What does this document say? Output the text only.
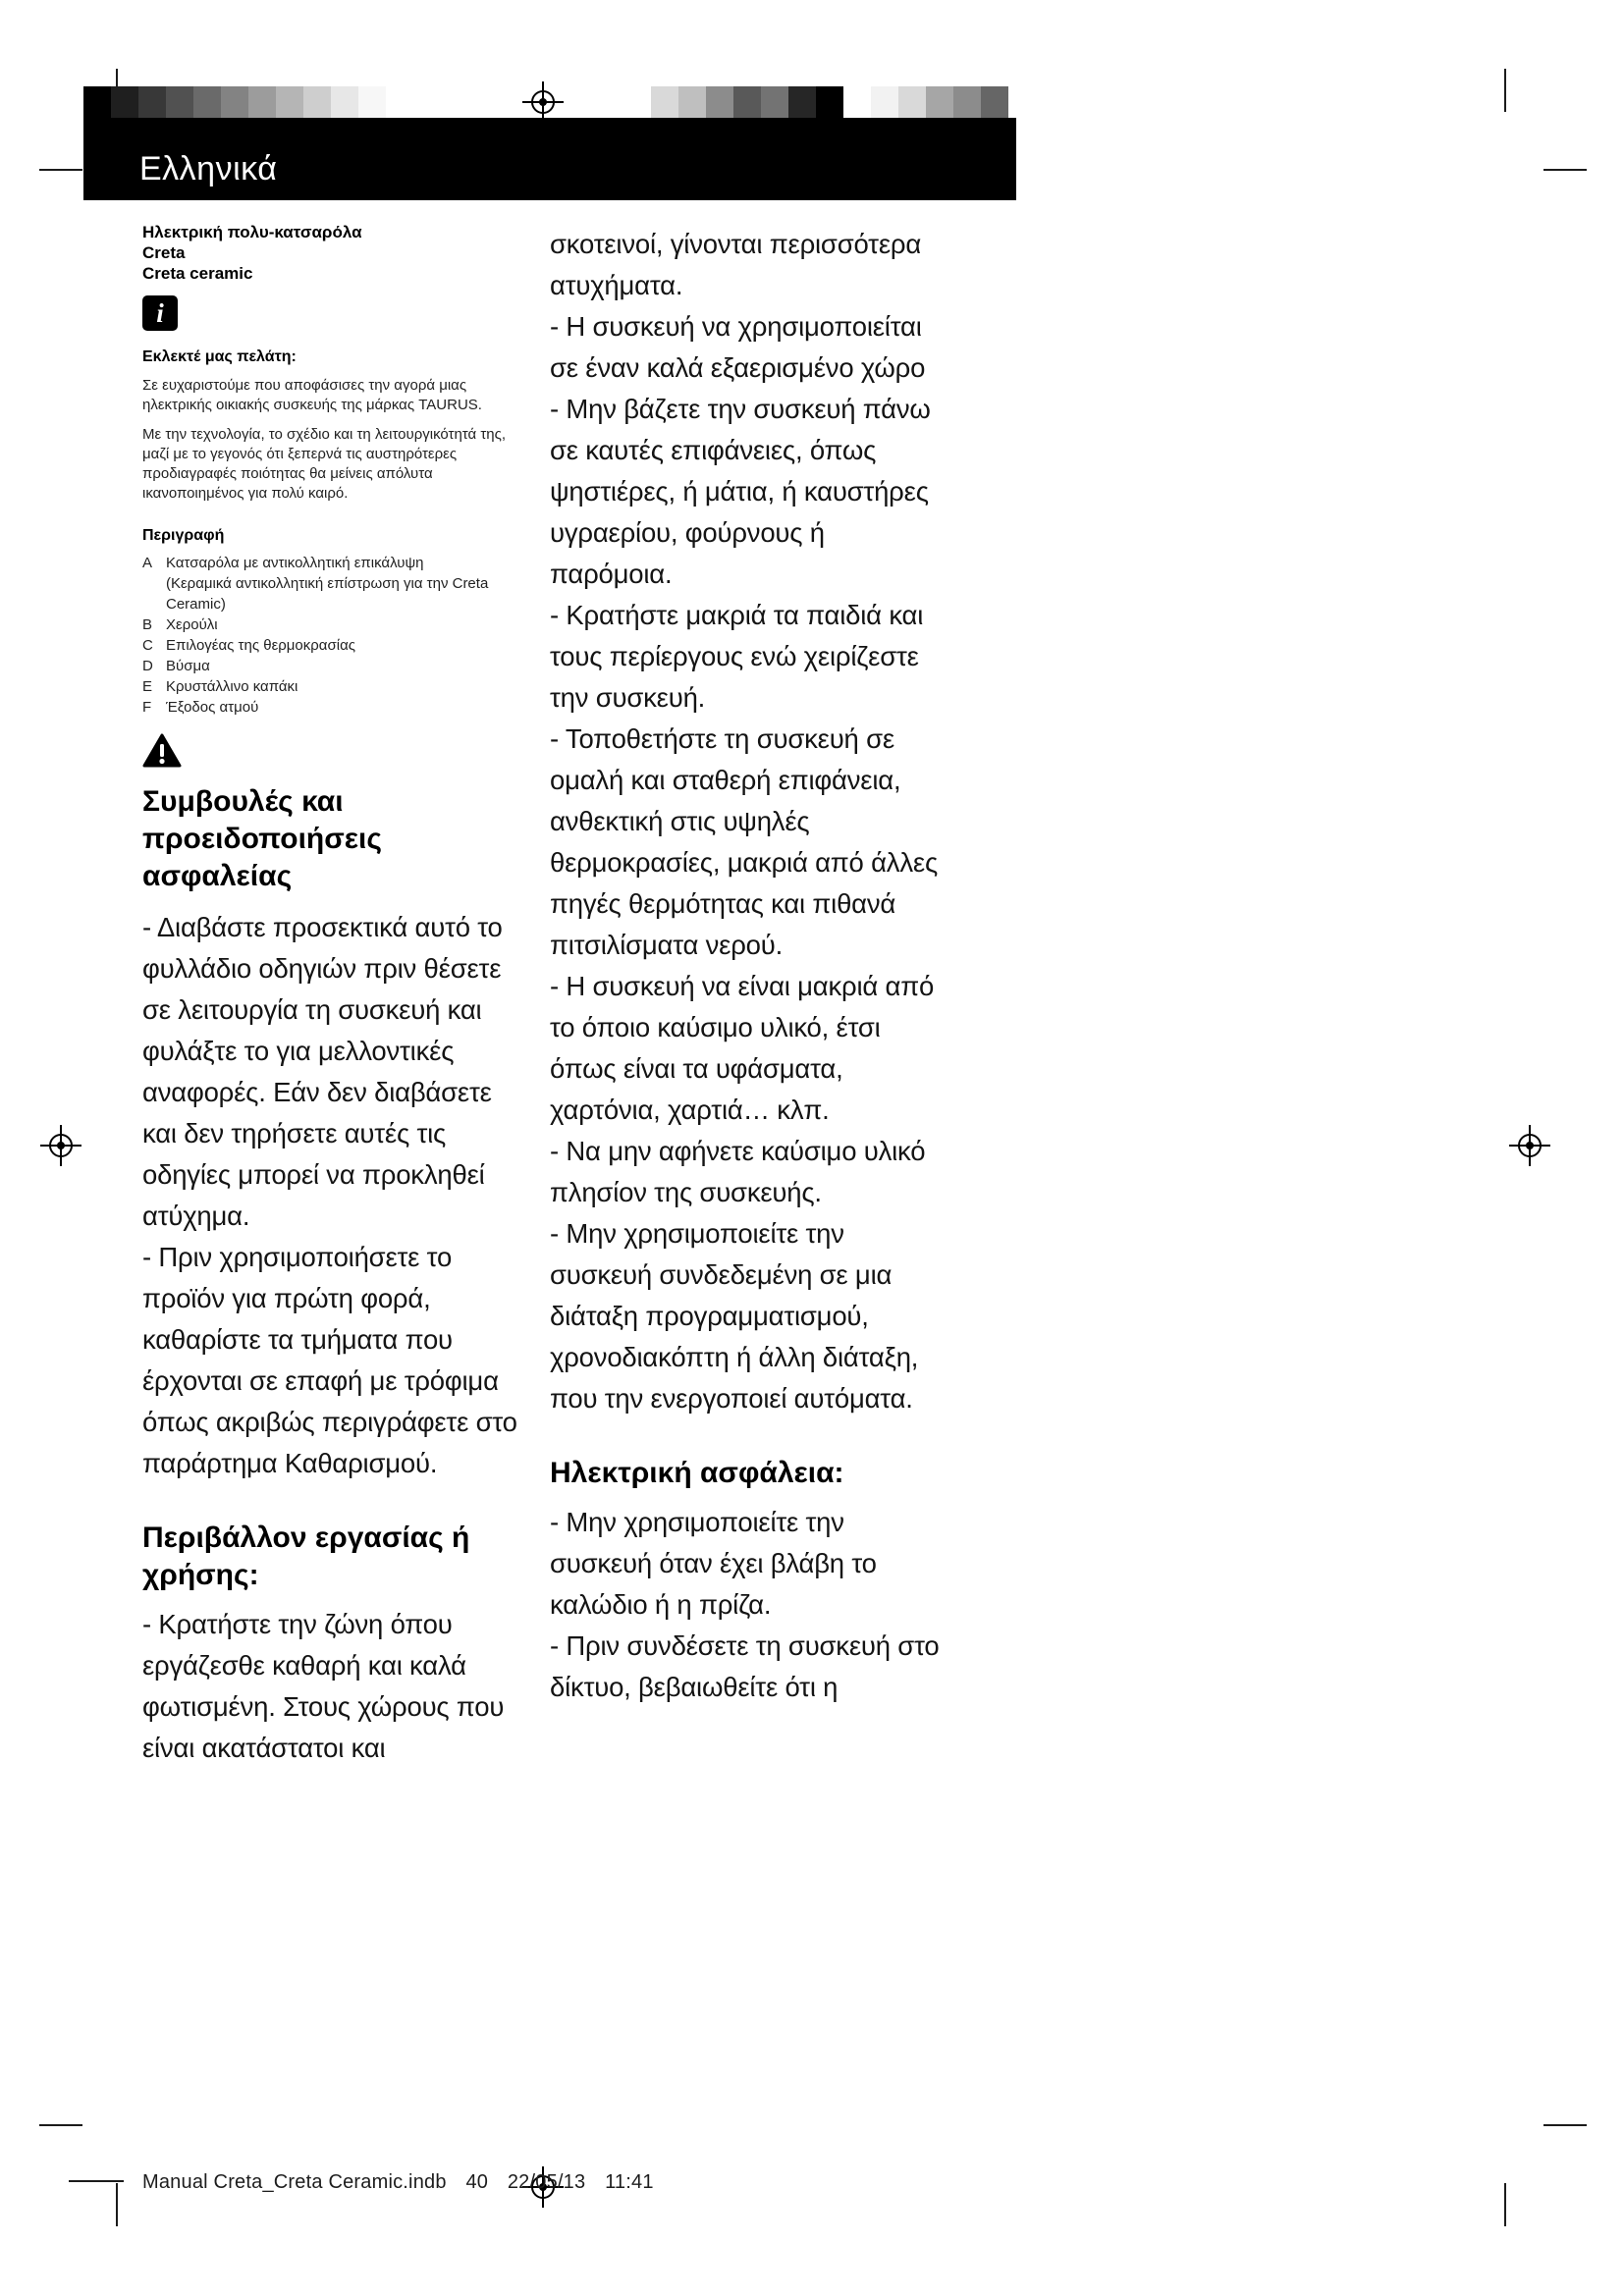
Ελληνικά
Ηλεκτρική πολυ-κατσαρόλα
Creta
Creta ceramic
i
Εκλεκτέ μας πελάτη:

Σε ευχαριστούμε που αποφάσισες την αγορά μιας ηλεκτρικής οικιακής συσκευής της μάρκας TAURUS.

Με την τεχνολογία, το σχέδιο και τη λειτουργικότητά της, μαζί με το γεγονός ότι ξεπερνά τις αυστηρότερες προδιαγραφές ποιότητας θα μείνεις απόλυτα ικανοποιημένος για πολύ καιρό.

Περιγραφή
A Κατσαρόλα με αντικολλητική επικάλυψη
(Κεραμικά αντικολλητική επίστρωση για την Creta Ceramic)
B Χερούλι
C Επιλογέας της θερμοκρασίας
D Βύσμα
E Κρυστάλλινο καπάκι
F Έξοδος ατμού
Συμβουλές και προειδοποιήσεις ασφαλείας

- Διαβάστε προσεκτικά αυτό το φυλλάδιο οδηγιών πριν θέσετε σε λειτουργία τη συσκευή και φυλάξτε το για μελλοντικές αναφορές. Εάν δεν διαβάσετε και δεν τηρήσετε αυτές τις οδηγίες μπορεί να προκληθεί ατύχημα.

- Πριν χρησιμοποιήσετε το προϊόν για πρώτη φορά, καθαρίστε τα τμήματα που έρχονται σε επαφή με τρόφιμα όπως ακριβώς περιγράφετε στο παράρτημα Καθαρισμού.

Περιβάλλον εργασίας ή χρήσης:

- Κρατήστε την ζώνη όπου εργάζεσθε καθαρή και καλά φωτισμένη. Στους χώρους που είναι ακατάστατοι και

σκοτεινοί, γίνονται περισσότερα ατυχήματα.

- Η συσκευή να χρησιμοποιείται σε έναν καλά εξαερισμένο χώρο

- Μην βάζετε την συσκευή πάνω σε καυτές επιφάνειες, όπως ψηστιέρες, ή μάτια, ή καυστήρες υγραερίου, φούρνους ή παρόμοια.

- Κρατήστε μακριά τα παιδιά και τους περίεργους ενώ χειρίζεστε την συσκευή.

- Τοποθετήστε τη συσκευή σε ομαλή και σταθερή επιφάνεια, ανθεκτική στις υψηλές θερμοκρασίες, μακριά από άλλες πηγές θερμότητας και πιθανά πιτσιλίσματα νερού.

- Η συσκευή να είναι μακριά από το όποιο καύσιμο υλικό, έτσι όπως είναι τα υφάσματα, χαρτόνια, χαρτιά… κλπ.

- Να μην αφήνετε καύσιμο υλικό πλησίον της συσκευής.

- Μην χρησιμοποιείτε την συσκευή συνδεδεμένη σε μια διάταξη προγραμματισμού, χρονοδιακόπτη ή άλλη διάταξη, που την ενεργοποιεί αυτόματα.

Ηλεκτρική ασφάλεια:

- Μην χρησιμοποιείτε την συσκευή όταν έχει βλάβη το καλώδιο ή η πρίζα.

- Πριν συνδέσετε τη συσκευή στο δίκτυο, βεβαιωθείτε ότι η

Manual Creta_Creta Ceramic.indb 40 22/05/13 11:41
